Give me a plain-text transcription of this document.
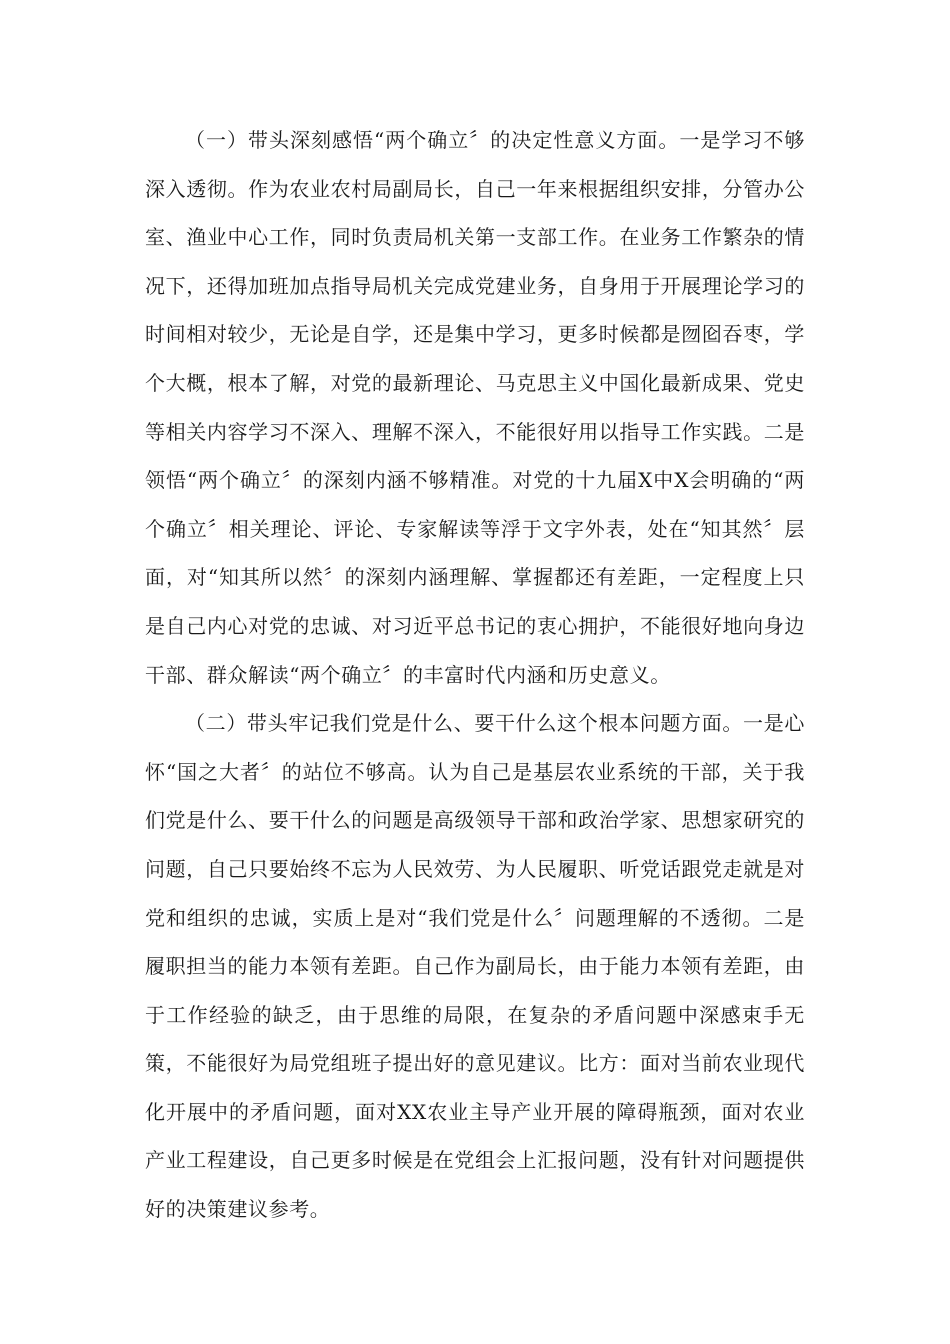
（一）带头深刻感悟“两个确立〞的决定性意义方面。一是学习不够深入透彻。作为农业农村局副局长，自己一年来根据组织安排，分管办公室、渔业中心工作，同时负责局机关第一支部工作。在业务工作繁杂的情况下，还得加班加点指导局机关完成党建业务，自身用于开展理论学习的时间相对较少，无论是自学，还是集中学习，更多时候都是囫囵吞枣，学个大概，根本了解，对党的最新理论、马克思主义中国化最新成果、党史等相关内容学习不深入、理解不深入，不能很好用以指导工作实践。二是领悟“两个确立〞的深刻内涵不够精准。对党的十九届X中X会明确的“两个确立〞相关理论、评论、专家解读等浮于文字外表，处在“知其然〞层面，对“知其所以然〞的深刻内涵理解、掌握都还有差距，一定程度上只是自己内心对党的忠诚、对习近平总书记的衷心拥护，不能很好地向身边干部、群众解读“两个确立〞的丰富时代内涵和历史意义。

（二）带头牢记我们党是什么、要干什么这个根本问题方面。一是心怀“国之大者〞的站位不够高。认为自己是基层农业系统的干部，关于我们党是什么、要干什么的问题是高级领导干部和政治学家、思想家研究的问题，自己只要始终不忘为人民效劳、为人民履职、听党话跟党走就是对党和组织的忠诚，实质上是对“我们党是什么〞问题理解的不透彻。二是履职担当的能力本领有差距。自己作为副局长，由于能力本领有差距，由于工作经验的缺乏，由于思维的局限，在复杂的矛盾问题中深感束手无策，不能很好为局党组班子提出好的意见建议。比方：面对当前农业现代化开展中的矛盾问题，面对XX农业主导产业开展的障碍瓶颈，面对农业产业工程建设，自己更多时候是在党组会上汇报问题，没有针对问题提供好的决策建议参考。
